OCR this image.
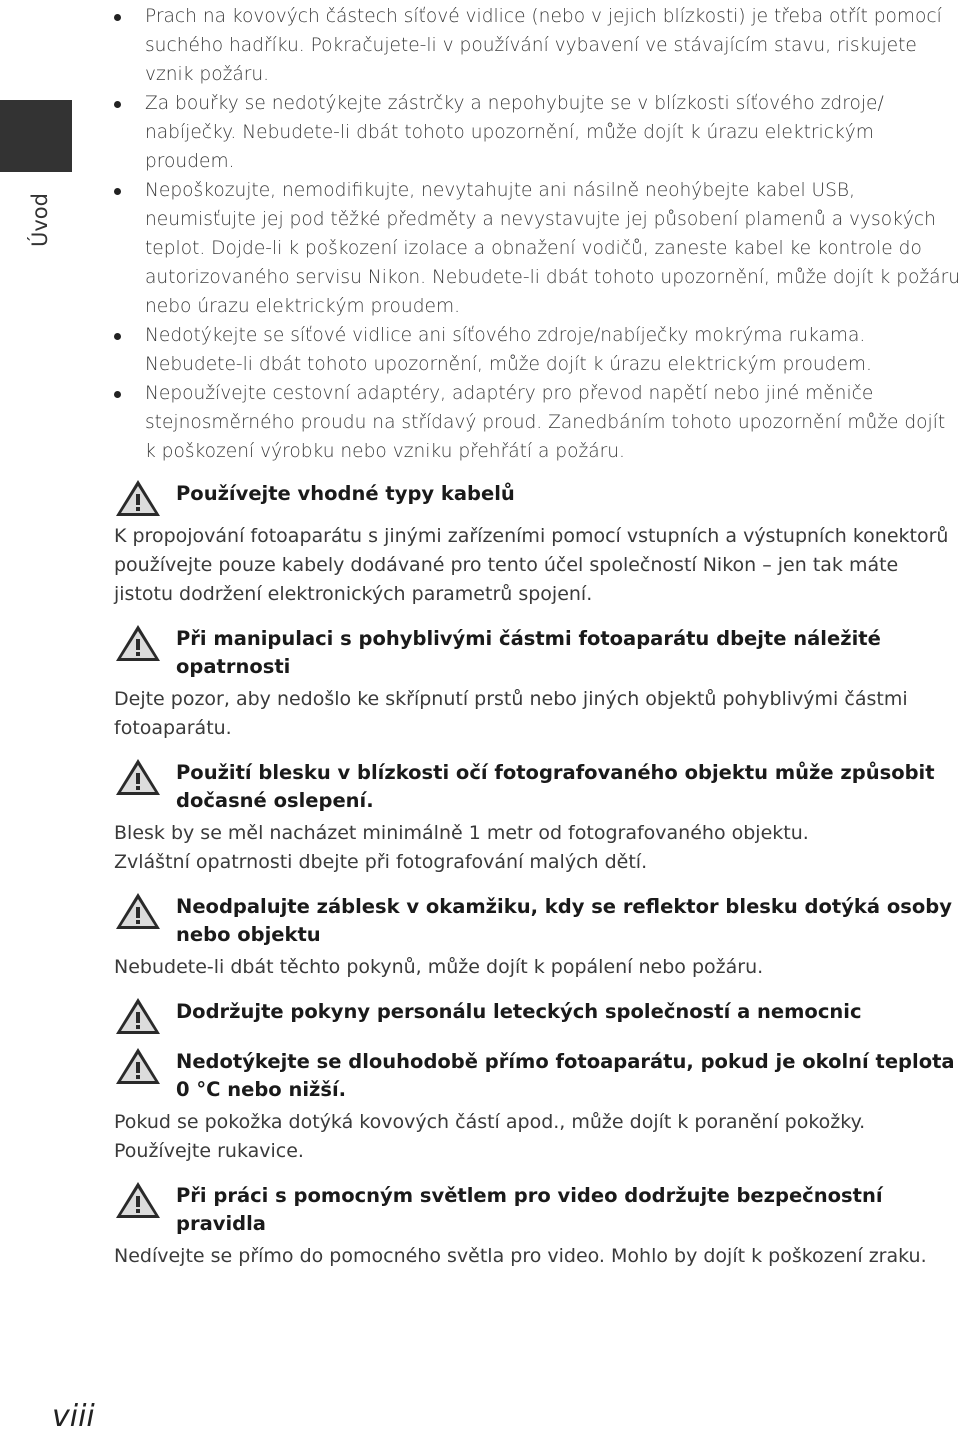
Úvod
Prach na kovových částech síťové vidlice (nebo v jejich blízkosti) je třeba otřít pomocí suchého hadříku. Pokračujete-li v používání vybavení ve stávajícím stavu, riskujete vznik požáru.
Za bouřky se nedotýkejte zástrčky a nepohybujte se v blízkosti síťového zdroje/ nabíječky. Nebudete-li dbát tohoto upozornění, může dojít k úrazu elektrickým proudem.
Nepoškozujte, nemodifikujte, nevytahujte ani násilně neohýbejte kabel USB, neumisťujte jej pod těžké předměty a nevystavujte jej působení plamenů a vysokých teplot. Dojde-li k poškození izolace a obnažení vodičů, zaneste kabel ke kontrole do autorizovaného servisu Nikon. Nebudete-li dbát tohoto upozornění, může dojít k požáru nebo úrazu elektrickým proudem.
Nedotýkejte se síťové vidlice ani síťového zdroje/nabíječky mokrýma rukama. Nebudete-li dbát tohoto upozornění, může dojít k úrazu elektrickým proudem.
Nepoužívejte cestovní adaptéry, adaptéry pro převod napětí nebo jiné měniče stejnosměrného proudu na střídavý proud. Zanedbáním tohoto upozornění může dojít k poškození výrobku nebo vzniku přehřátí a požáru.
Používejte vhodné typy kabelů

K propojování fotoaparátu s jinými zařízeními pomocí vstupních a výstupních konektorů používejte pouze kabely dodávané pro tento účel společností Nikon – jen tak máte jistotu dodržení elektronických parametrů spojení.

Při manipulaci s pohyblivými částmi fotoaparátu dbejte náležité opatrnosti

Dejte pozor, aby nedošlo ke skřípnutí prstů nebo jiných objektů pohyblivými částmi fotoaparátu.

Použití blesku v blízkosti očí fotografovaného objektu může způsobit dočasné oslepení.

Blesk by se měl nacházet minimálně 1 metr od fotografovaného objektu.

Zvláštní opatrnosti dbejte při fotografování malých dětí.

Neodpalujte záblesk v okamžiku, kdy se reflektor blesku dotýká osoby nebo objektu

Nebudete-li dbát těchto pokynů, může dojít k popálení nebo požáru.

Dodržujte pokyny personálu leteckých společností a nemocnic
Nedotýkejte se dlouhodobě přímo fotoaparátu, pokud je okolní teplota 0 °C nebo nižší.

Pokud se pokožka dotýká kovových částí apod., může dojít k poranění pokožky. Používejte rukavice.

Při práci s pomocným světlem pro video dodržujte bezpečnostní pravidla

Nedívejte se přímo do pomocného světla pro video. Mohlo by dojít k poškození zraku.

viii
